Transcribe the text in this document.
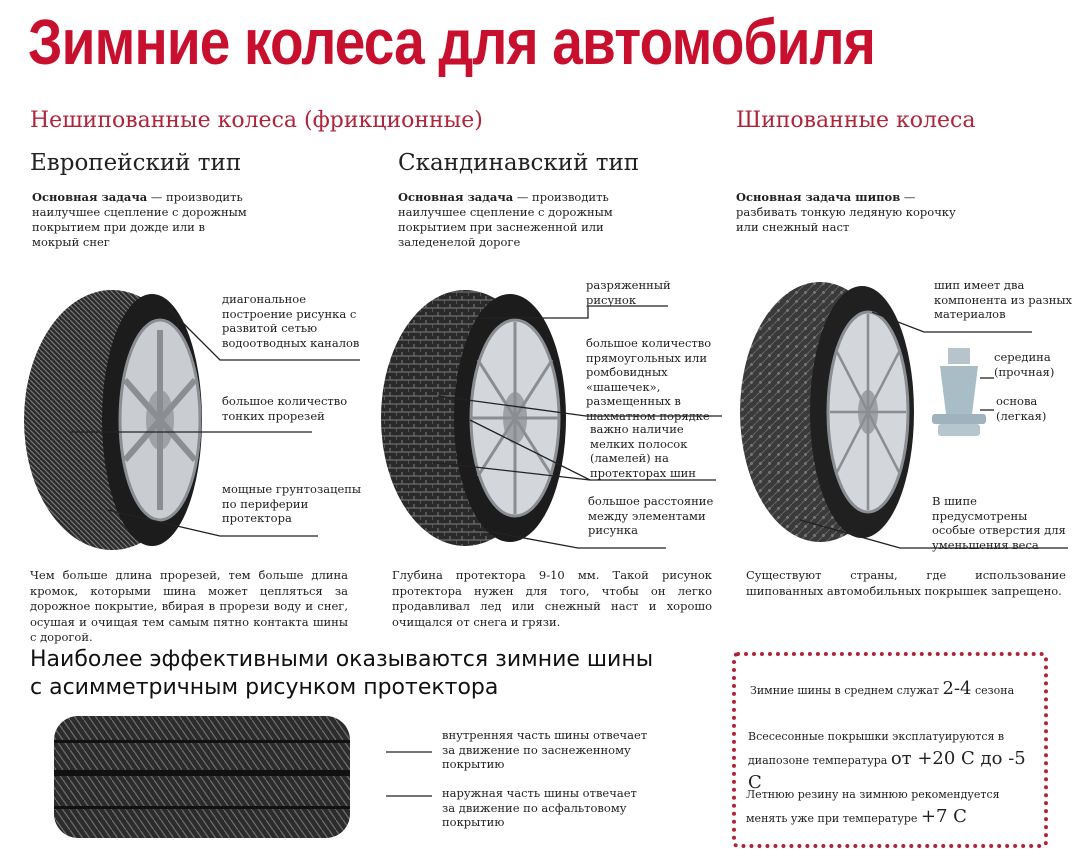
Зимние колеса для автомобиля
Нешипованные колеса (фрикционные)	Шипованные колеса
Европейский тип	Скандинавский тип
Основная задача — производить наилучшее сцепление с дорожным покрытием при дожде или в мокрый снег
Основная задача — производить наилучшее сцепление с дорожным покрытием при заснеженной или заледенелой дороге
Основная задача шипов — разбивать тонкую ледяную корочку или снежный наст
диагональное построение рисунка с развитой сетью водоотводных каналов
большое количество тонких прорезей
мощные грунтозацепы по периферии протектора
разряженный рисунок
большое количество прямоугольных или ромбовидных «шашечек», размещенных в шахматном порядке
важно наличие мелких полосок (ламелей) на протекторах шин
большое расстояние между элементами рисунка
шип имеет два компонента из разных материалов
середина (прочная)
основа (легкая)
В шипе предусмотрены особые отверстия для уменьшения веса
Чем больше длина прорезей, тем больше длина кромок, которыми шина может цепляться за дорожное покрытие, вбирая в прорези воду и снег, осушая и очищая тем самым пятно контакта шины с дорогой.
Глубина протектора 9-10 мм. Такой рисунок протектора нужен для того, чтобы он легко продавливал лед или снежный наст и хорошо очищался от снега и грязи.
Существуют страны, где использование шипованных автомобильных покрышек запрещено.
Наиболее эффективными оказываются зимние шины с асимметричным рисунком протектора
внутренняя часть шины отвечает за движение по заснеженному покрытию
наружная часть шины отвечает за движение по асфальтовому покрытию
Зимние шины в среднем служат 2-4 сезона
Всесесонные покрышки эксплатуируются в диапозоне температура от +20 С до -5 С
Летнюю резину на зимнюю рекомендуется менять уже при температуре +7 С
